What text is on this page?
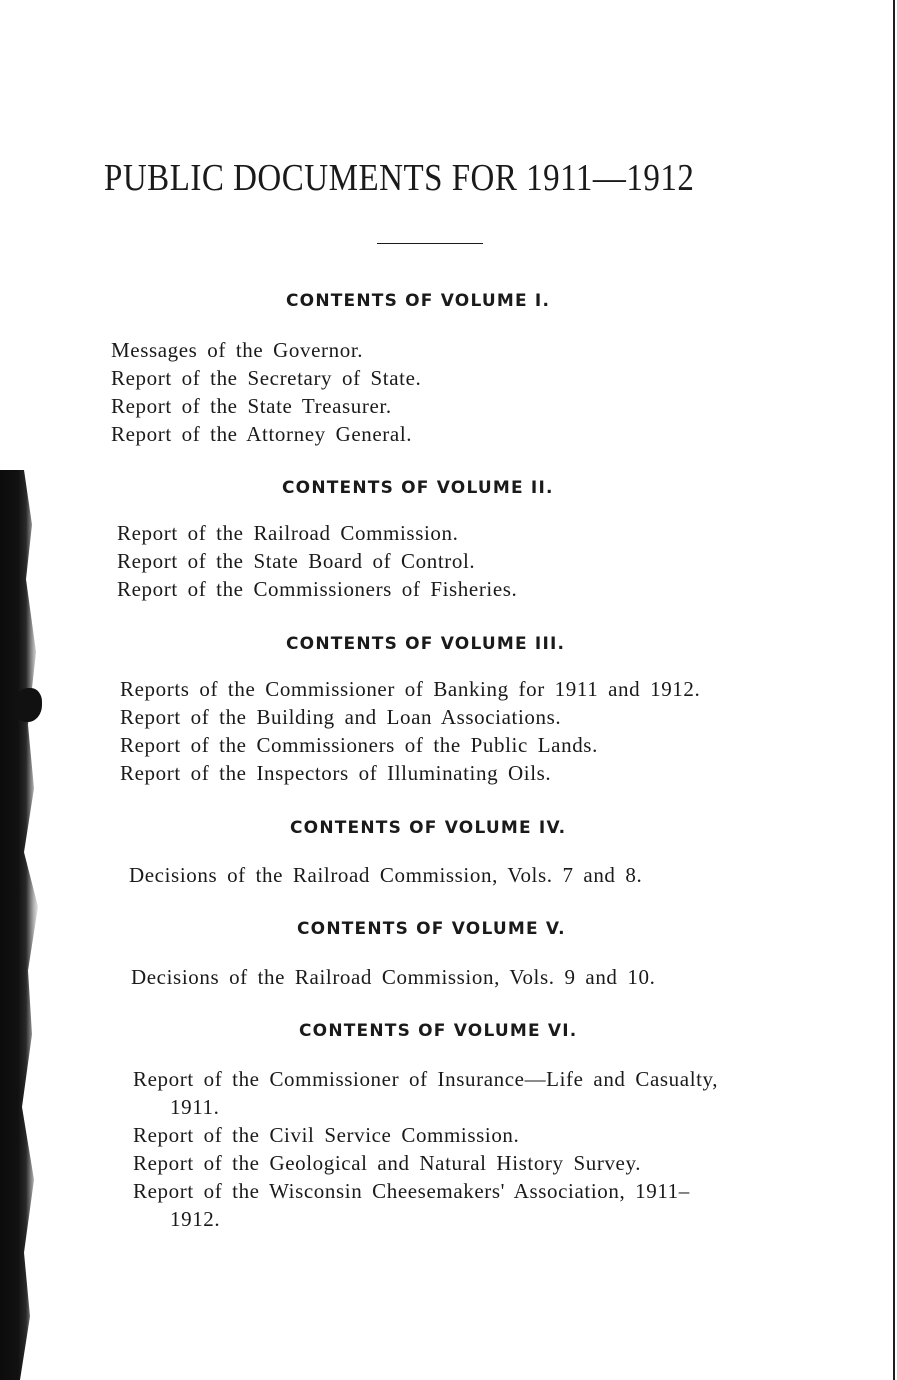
PUBLIC DOCUMENTS FOR 1911—1912
CONTENTS OF VOLUME I.
Messages of the Governor.
Report of the Secretary of State.
Report of the State Treasurer.
Report of the Attorney General.
CONTENTS OF VOLUME II.
Report of the Railroad Commission.
Report of the State Board of Control.
Report of the Commissioners of Fisheries.
CONTENTS OF VOLUME III.
Reports of the Commissioner of Banking for 1911 and 1912.
Report of the Building and Loan Associations.
Report of the Commissioners of the Public Lands.
Report of the Inspectors of Illuminating Oils.
CONTENTS OF VOLUME IV.
Decisions of the Railroad Commission, Vols. 7 and 8.
CONTENTS OF VOLUME V.
Decisions of the Railroad Commission, Vols. 9 and 10.
CONTENTS OF VOLUME VI.
Report of the Commissioner of Insurance—Life and Casualty,
1911.
Report of the Civil Service Commission.
Report of the Geological and Natural History Survey.
Report of the Wisconsin Cheesemakers' Association, 1911–
1912.
